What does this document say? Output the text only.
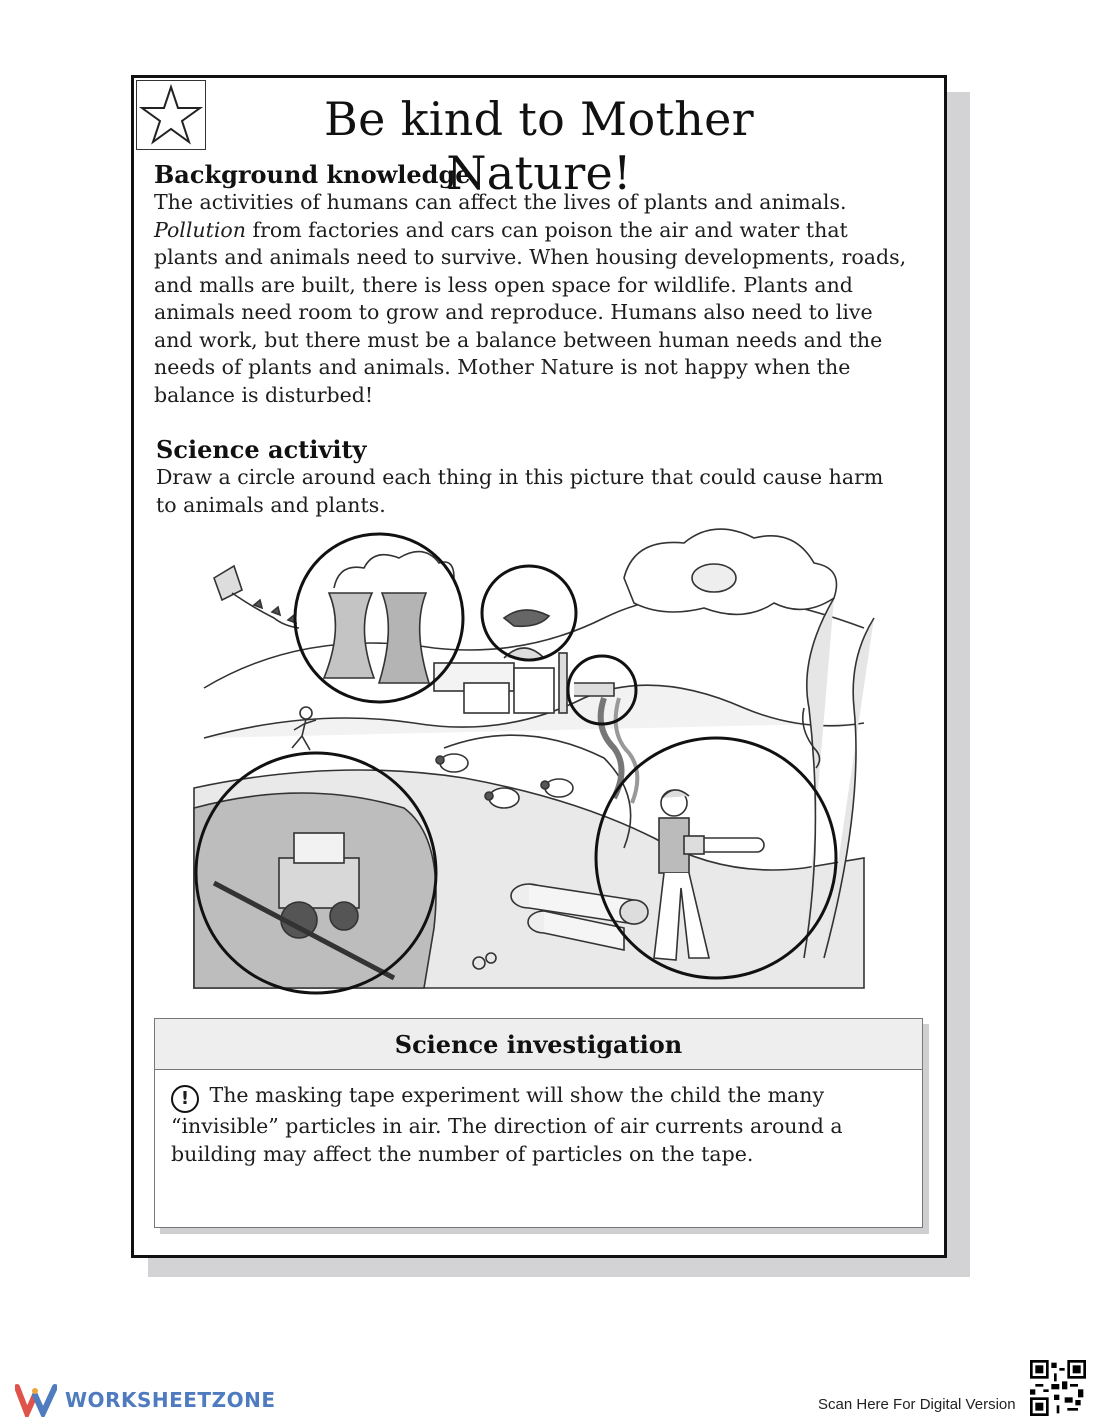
Be kind to Mother Nature!
Background knowledge

The activities of humans can affect the lives of plants and animals. Pollution from factories and cars can poison the air and water that plants and animals need to survive. When housing developments, roads, and malls are built, there is less open space for wildlife. Plants and animals need room to grow and reproduce. Humans also need to live and work, but there must be a balance between human needs and the needs of plants and animals. Mother Nature is not happy when the balance is disturbed!

Science activity

Draw a circle around each thing in this picture that could cause harm to animals and plants.

Science investigation
! The masking tape experiment will show the child the many “invisible” particles in air. The direction of air currents around a building may affect the number of particles on the tape.
WORKSHEETZONE	Scan Here For Digital Version
